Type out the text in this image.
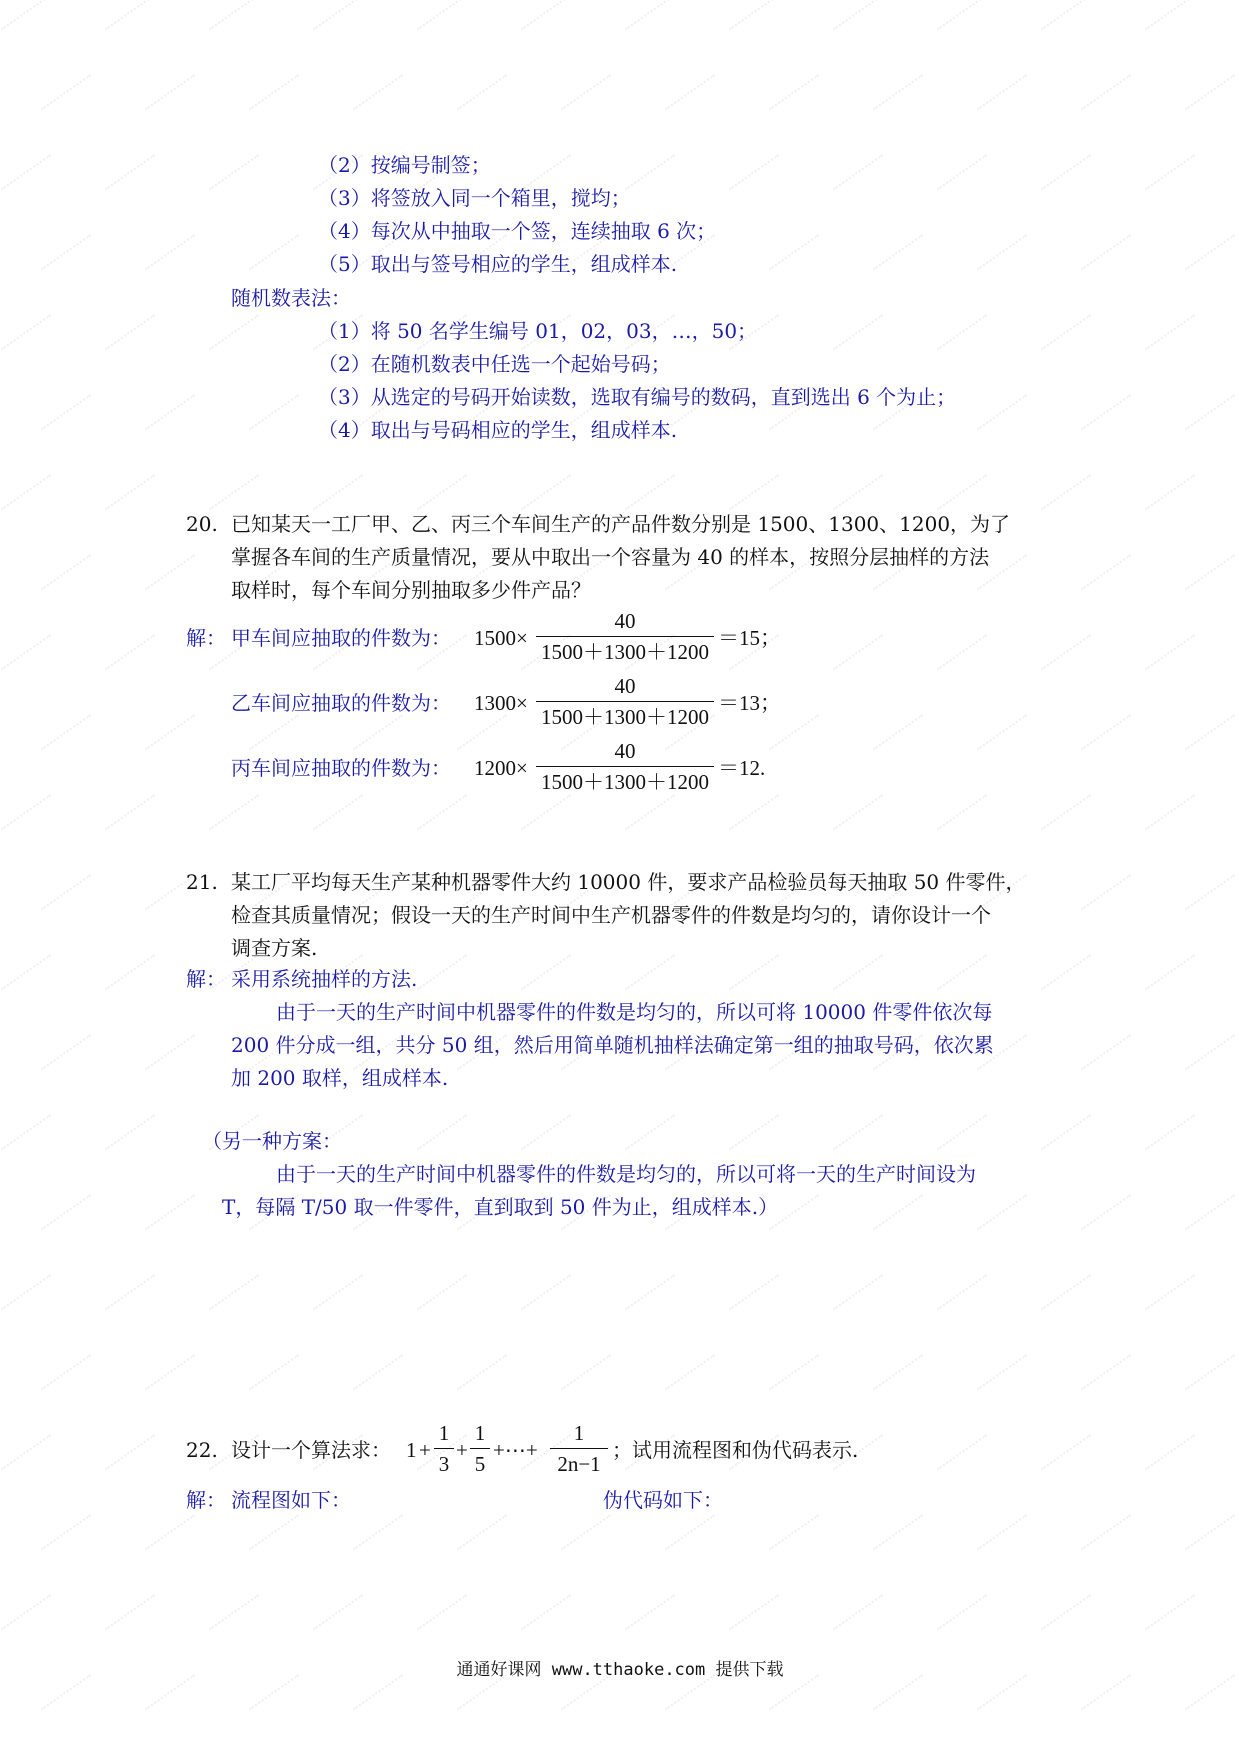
（2）按编号制签；
（3）将签放入同一个箱里，搅均；
（4）每次从中抽取一个签，连续抽取 6 次；
（5）取出与签号相应的学生，组成样本.
随机数表法：
（1）将 50 名学生编号 01，02，03，…，50；
（2）在随机数表中任选一个起始号码；
（3）从选定的号码开始读数，选取有编号的数码，直到选出 6 个为止；
（4）取出与号码相应的学生，组成样本.
20. 已知某天一工厂甲、乙、丙三个车间生产的产品件数分别是 1500、1300、1200，为了
掌握各车间的生产质量情况，要从中取出一个容量为 40 的样本，按照分层抽样的方法
取样时，每个车间分别抽取多少件产品？
解： 甲车间应抽取的件数为： 1500×
40
1500＋1300＋1200
＝15；
乙车间应抽取的件数为： 1300×
40
1500＋1300＋1200
＝13；
丙车间应抽取的件数为： 1200×
40
1500＋1300＋1200
＝12.
21. 某工厂平均每天生产某种机器零件大约 10000 件，要求产品检验员每天抽取 50 件零件，
检查其质量情况；假设一天的生产时间中生产机器零件的件数是均匀的，请你设计一个
调查方案.
解： 采用系统抽样的方法.
由于一天的生产时间中机器零件的件数是均匀的，所以可将 10000 件零件依次每
200 件分成一组，共分 50 组，然后用简单随机抽样法确定第一组的抽取号码，依次累
加 200 取样，组成样本.
（另一种方案：
由于一天的生产时间中机器零件的件数是均匀的，所以可将一天的生产时间设为
T，每隔 T/50 取一件零件，直到取到 50 件为止，组成样本.）
22. 设计一个算法求： 1 +
1
3
+
1
5
+⋯+
1
2n−1
；试用流程图和伪代码表示.
解： 流程图如下：	伪代码如下：
通通好课网 www.tthaoke.com 提供下载
